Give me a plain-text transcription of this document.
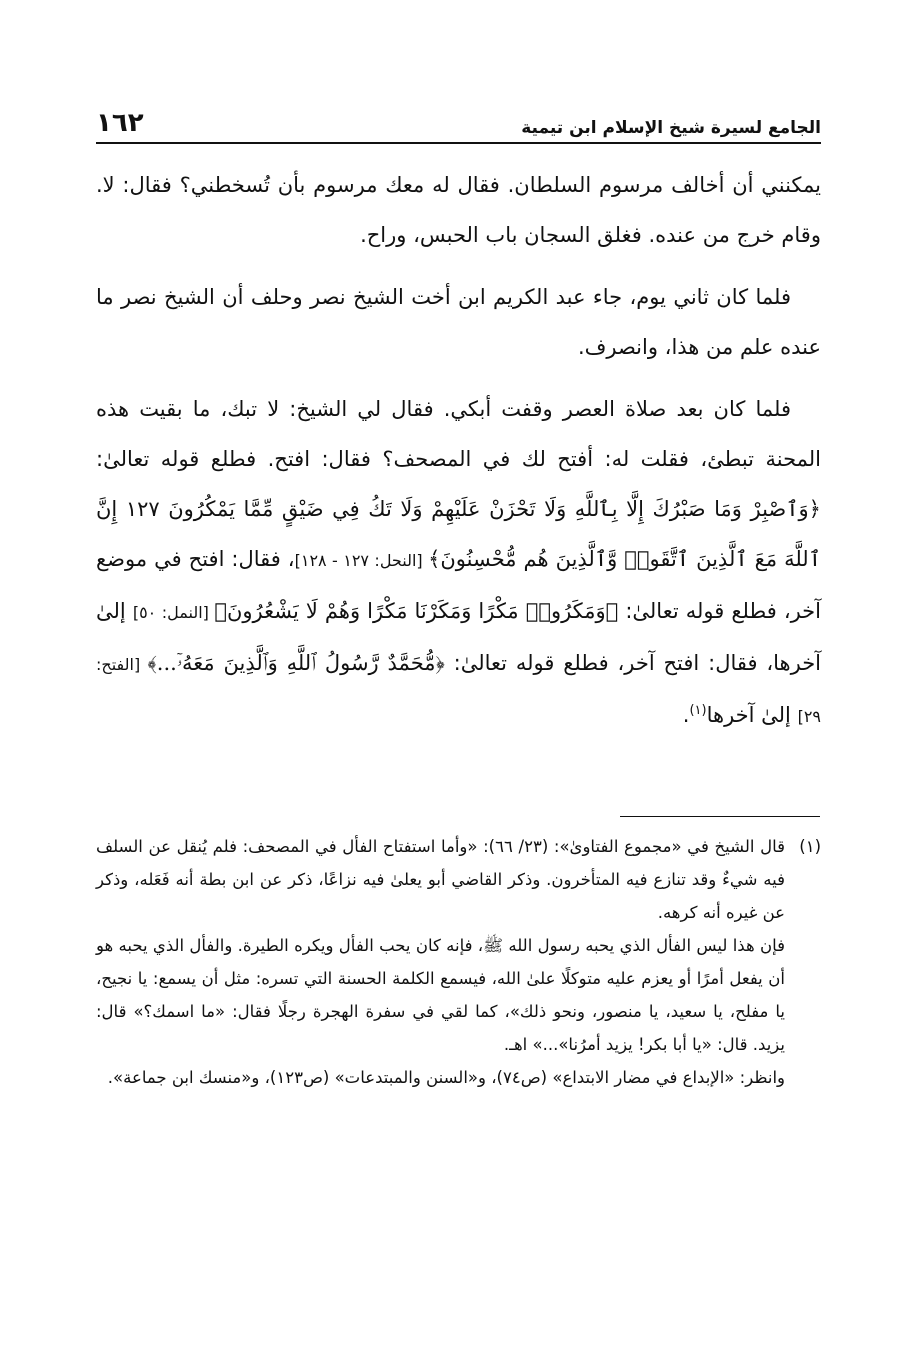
الجامع لسيرة شيخ الإسلام ابن تيمية
١٦٢

يمكنني أن أخالف مرسوم السلطان. فقال له معك مرسوم بأن تُسخطني؟ فقال: لا. وقام خرج من عنده. فغلق السجان باب الحبس، وراح.

فلما كان ثاني يوم، جاء عبد الكريم ابن أخت الشيخ نصر وحلف أن الشيخ نصر ما عنده علم من هذا، وانصرف.

فلما كان بعد صلاة العصر وقفت أبكي. فقال لي الشيخ: لا تبك، ما بقيت هذه المحنة تبطئ، فقلت له: أفتح لك في المصحف؟ فقال: افتح. فطلع قوله تعالىٰ: ﴿وَٱصْبِرْ وَمَا صَبْرُكَ إِلَّا بِٱللَّهِ وَلَا تَحْزَنْ عَلَيْهِمْ وَلَا تَكُ فِي ضَيْقٍ مِّمَّا يَمْكُرُونَ ١٢٧ إِنَّ ٱللَّهَ مَعَ ٱلَّذِينَ ٱتَّقَوا۟ وَّٱلَّذِينَ هُم مُّحْسِنُونَ﴾ [النحل: ١٢٧ - ١٢٨]، فقال: افتح في موضع آخر، فطلع قوله تعالىٰ: ﴿وَمَكَرُوا۟ مَكْرًا وَمَكَرْنَا مَكْرًا وَهُمْ لَا يَشْعُرُونَ﴾ [النمل: ٥٠] إلىٰ آخرها، فقال: افتح آخر، فطلع قوله تعالىٰ: ﴿مُّحَمَّدٌ رَّسُولُ ٱللَّهِ وَٱلَّذِينَ مَعَهُۥٓ...﴾ [الفتح: ٢٩] إلىٰ آخرها$^{(١)}$.

(١)

قال الشيخ في «مجموع الفتاوىٰ»: (٢٣/ ٦٦): «وأما استفتاح الفأل في المصحف: فلم يُنقل عن السلف فيه شيءٌ وقد تنازع فيه المتأخرون. وذكر القاضي أبو يعلىٰ فيه نزاعًا، ذكر عن ابن بطة أنه فَعَله، وذكر عن غيره أنه كرهه.

فإن هذا ليس الفأل الذي يحبه رسول الله ﷺ، فإنه كان يحب الفأل ويكره الطيرة. والفأل الذي يحبه هو أن يفعل أمرًا أو يعزم عليه متوكلًا علىٰ الله، فيسمع الكلمة الحسنة التي تسره: مثل أن يسمع: يا نجيح، يا مفلح، يا سعيد، يا منصور، ونحو ذلك»، كما لقي في سفرة الهجرة رجلًا فقال: «ما اسمك؟» قال: يزيد. قال: «يا أبا بكر! يزيد أمرُنا»...» اهـ.

وانظر: «الإبداع في مضار الابتداع» (ص٧٤)، و«السنن والمبتدعات» (ص١٢٣)، و«منسك ابن جماعة».
